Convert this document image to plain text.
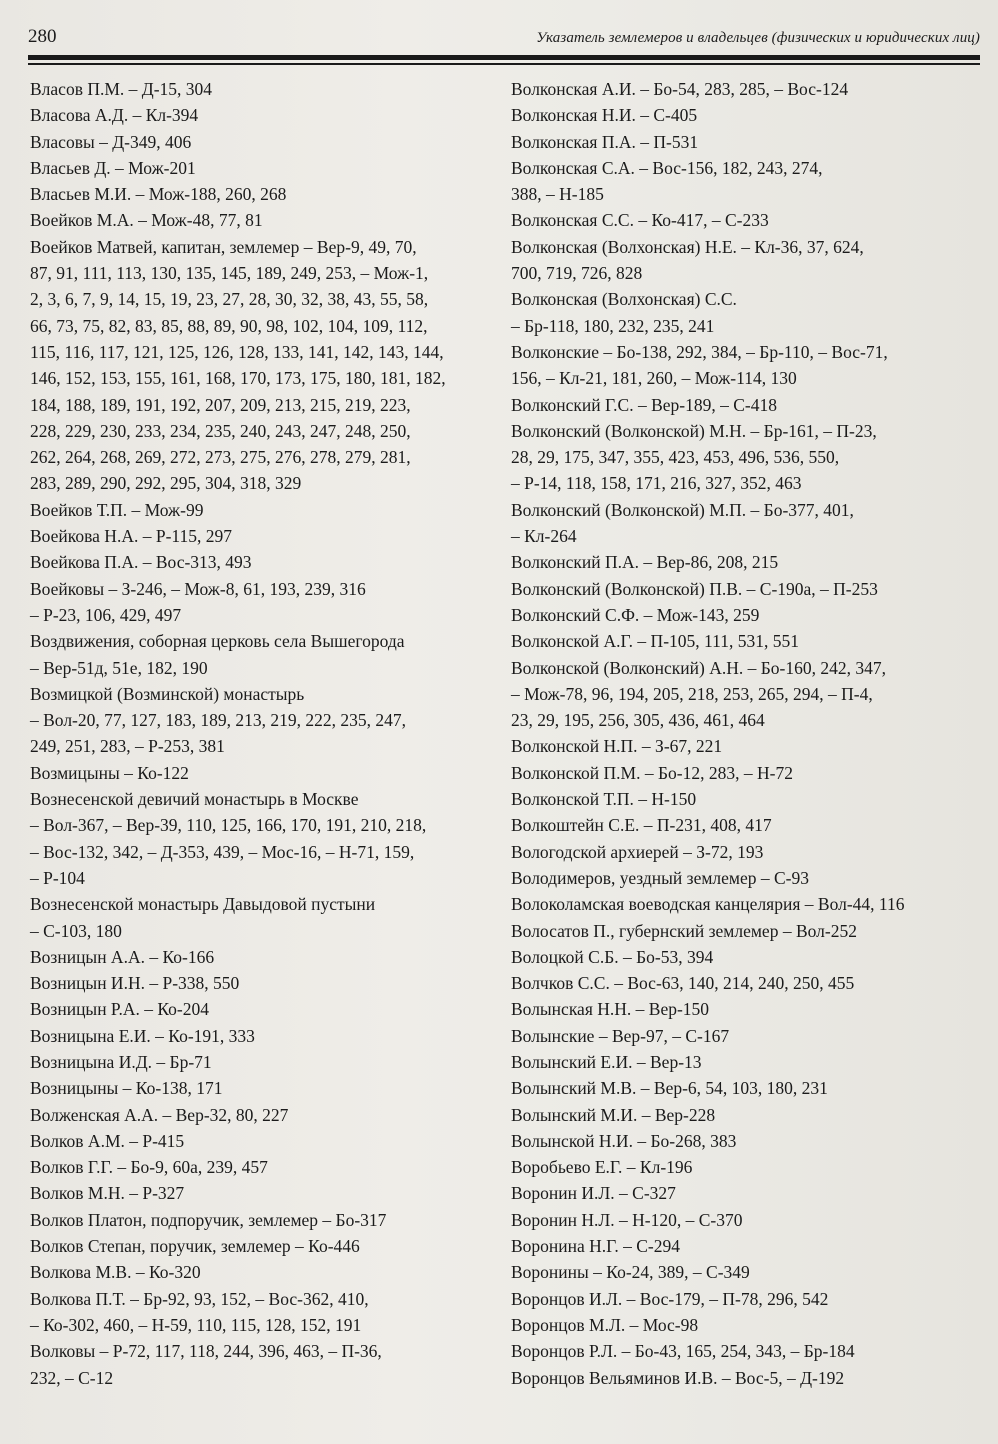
280	Указатель землемеров и владельцев (физических и юридических лиц)
Власов П.М. – Д-15, 304
Власова А.Д. – Кл-394
Власовы – Д-349, 406
Власьев Д. – Мож-201
Власьев М.И. – Мож-188, 260, 268
Воейков М.А. – Мож-48, 77, 81
Воейков Матвей, капитан, землемер – Вер-9, 49, 70,
87, 91, 111, 113, 130, 135, 145, 189, 249, 253, – Мож-1,
2, 3, 6, 7, 9, 14, 15, 19, 23, 27, 28, 30, 32, 38, 43, 55, 58,
66, 73, 75, 82, 83, 85, 88, 89, 90, 98, 102, 104, 109, 112,
115, 116, 117, 121, 125, 126, 128, 133, 141, 142, 143, 144,
146, 152, 153, 155, 161, 168, 170, 173, 175, 180, 181, 182,
184, 188, 189, 191, 192, 207, 209, 213, 215, 219, 223,
228, 229, 230, 233, 234, 235, 240, 243, 247, 248, 250,
262, 264, 268, 269, 272, 273, 275, 276, 278, 279, 281,
283, 289, 290, 292, 295, 304, 318, 329
Воейков Т.П. – Мож-99
Воейкова Н.А. – Р-115, 297
Воейкова П.А. – Вос-313, 493
Воейковы – З-246, – Мож-8, 61, 193, 239, 316
– Р-23, 106, 429, 497
Воздвижения, соборная церковь села Вышегорода
– Вер-51д, 51е, 182, 190
Возмицкой (Возминской) монастырь
– Вол-20, 77, 127, 183, 189, 213, 219, 222, 235, 247,
249, 251, 283, – Р-253, 381
Возмицыны – Ко-122
Вознесенской девичий монастырь в Москве
– Вол-367, – Вер-39, 110, 125, 166, 170, 191, 210, 218,
– Вос-132, 342, – Д-353, 439, – Мос-16, – Н-71, 159,
– Р-104
Вознесенской монастырь Давыдовой пустыни
– С-103, 180
Возницын А.А. – Ко-166
Возницын И.Н. – Р-338, 550
Возницын Р.А. – Ко-204
Возницына Е.И. – Ко-191, 333
Возницына И.Д. – Бр-71
Возницыны – Ко-138, 171
Волженская А.А. – Вер-32, 80, 227
Волков А.М. – Р-415
Волков Г.Г. – Бо-9, 60а, 239, 457
Волков М.Н. – Р-327
Волков Платон, подпоручик, землемер – Бо-317
Волков Степан, поручик, землемер – Ко-446
Волкова М.В. – Ко-320
Волкова П.Т. – Бр-92, 93, 152, – Вос-362, 410,
– Ко-302, 460, – Н-59, 110, 115, 128, 152, 191
Волковы – Р-72, 117, 118, 244, 396, 463, – П-36,
232, – С-12
Волконская А.И. – Бо-54, 283, 285, – Вос-124
Волконская Н.И. – С-405
Волконская П.А. – П-531
Волконская С.А. – Вос-156, 182, 243, 274,
388, – Н-185
Волконская С.С. – Ко-417, – С-233
Волконская (Волхонская) Н.Е. – Кл-36, 37, 624,
700, 719, 726, 828
Волконская (Волхонская) С.С.
– Бр-118, 180, 232, 235, 241
Волконские – Бо-138, 292, 384, – Бр-110, – Вос-71,
156, – Кл-21, 181, 260, – Мож-114, 130
Волконский Г.С. – Вер-189, – С-418
Волконский (Волконской) М.Н. – Бр-161, – П-23,
28, 29, 175, 347, 355, 423, 453, 496, 536, 550,
– Р-14, 118, 158, 171, 216, 327, 352, 463
Волконский (Волконской) М.П. – Бо-377, 401,
– Кл-264
Волконский П.А. – Вер-86, 208, 215
Волконский (Волконской) П.В. – С-190а, – П-253
Волконский С.Ф. – Мож-143, 259
Волконской А.Г. – П-105, 111, 531, 551
Волконской (Волконский) А.Н. – Бо-160, 242, 347,
– Мож-78, 96, 194, 205, 218, 253, 265, 294, – П-4,
23, 29, 195, 256, 305, 436, 461, 464
Волконской Н.П. – З-67, 221
Волконской П.М. – Бо-12, 283, – Н-72
Волконской Т.П. – Н-150
Волкоштейн С.Е. – П-231, 408, 417
Вологодской архиерей – З-72, 193
Володимеров, уездный землемер – С-93
Волоколамская воеводская канцелярия – Вол-44, 116
Волосатов П., губернский землемер – Вол-252
Волоцкой С.Б. – Бо-53, 394
Волчков С.С. – Вос-63, 140, 214, 240, 250, 455
Волынская Н.Н. – Вер-150
Волынские – Вер-97, – С-167
Волынский Е.И. – Вер-13
Волынский М.В. – Вер-6, 54, 103, 180, 231
Волынский М.И. – Вер-228
Волынской Н.И. – Бо-268, 383
Воробьево Е.Г. – Кл-196
Воронин И.Л. – С-327
Воронин Н.Л. – Н-120, – С-370
Воронина Н.Г. – С-294
Воронины – Ко-24, 389, – С-349
Воронцов И.Л. – Вос-179, – П-78, 296, 542
Воронцов М.Л. – Мос-98
Воронцов Р.Л. – Бо-43, 165, 254, 343, – Бр-184
Воронцов Вельяминов И.В. – Вос-5, – Д-192
